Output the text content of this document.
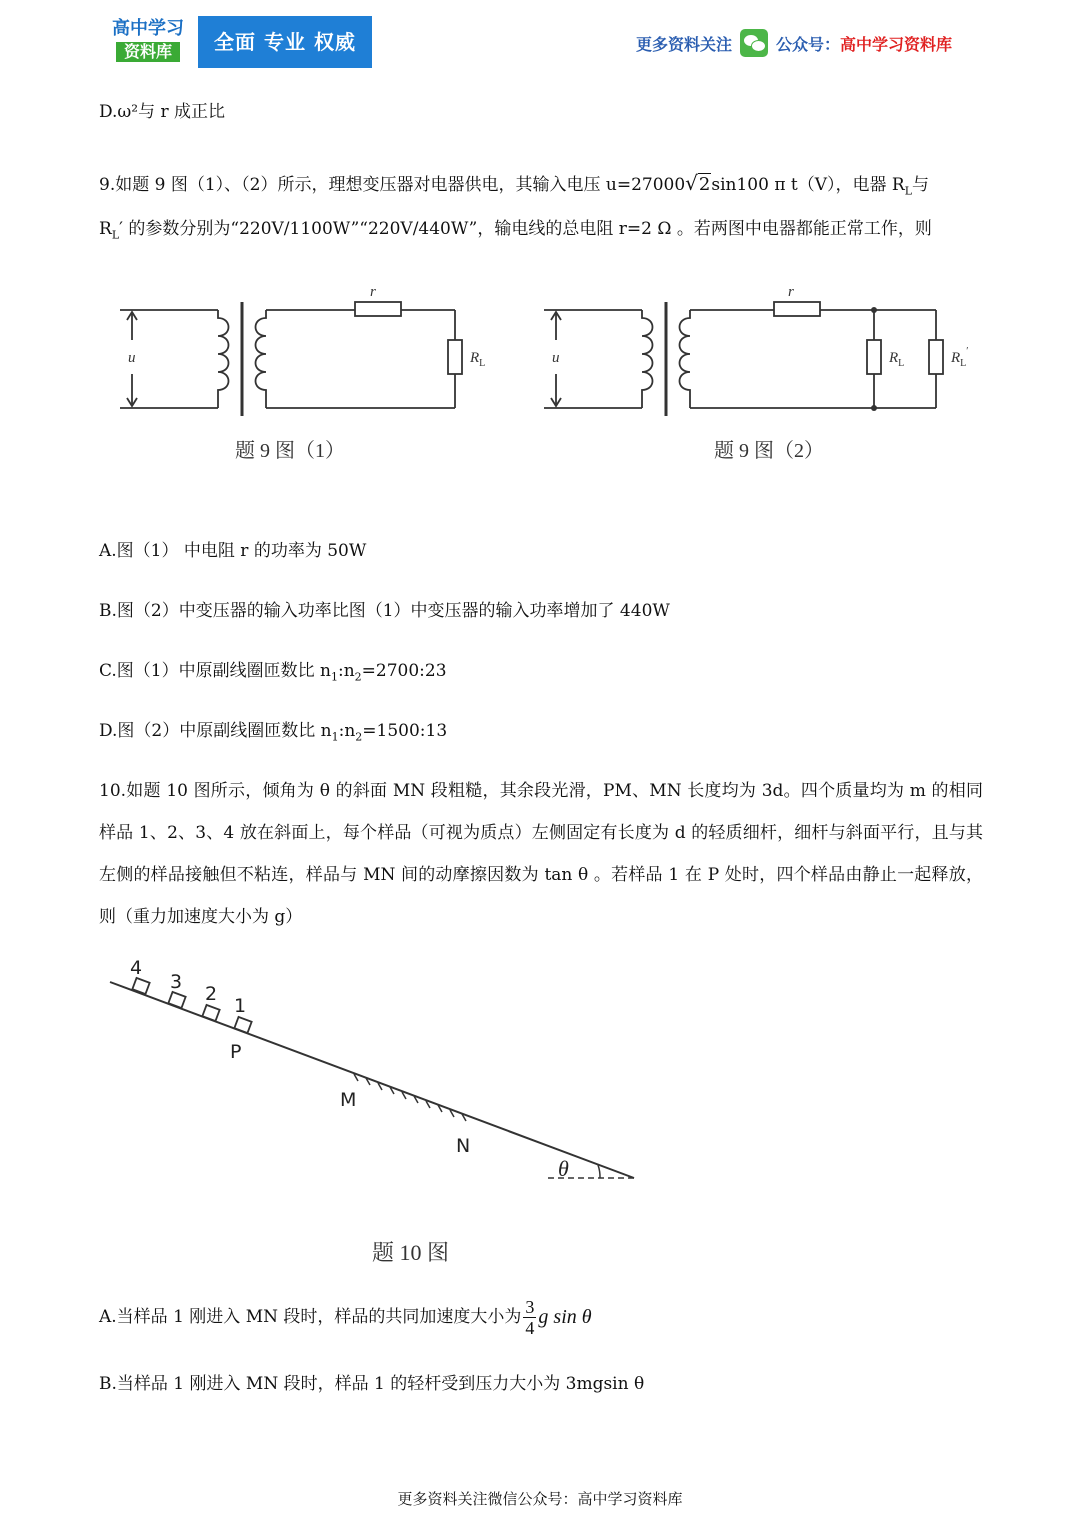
高中学习
资料库	全面 专业 权威	更多资料关注	公众号：高中学习资料库
D.ω²与 r 成正比
9.如题 9 图（1）、（2）所示，理想变压器对电器供电，其输入电压 u=27000√2sin100 π t（V），电器 $R_L$与
$R_L'$ 的参数分别为“220V/1100W”“220V/440W”，输电线的总电阻 r=2 Ω 。若两图中电器都能正常工作，则
u
r
$R_L$	u
r
$R_L$	$R_L'$
题 9 图（1）	题 9 图（2）
A.图（1） 中电阻 r 的功率为 50W
B.图（2）中变压器的输入功率比图（1）中变压器的输入功率增加了 440W
C.图（1）中原副线圈匝数比 $n_1:n_2=2700:23$
D.图（2）中原副线圈匝数比 $n_1:n_2=1500:13$
10.如题 10 图所示，倾角为 θ 的斜面 MN 段粗糙，其余段光滑，PM、MN 长度均为 3d。四个质量均为 m 的相同样品 1、2、3、4 放在斜面上，每个样品（可视为质点）左侧固定有长度为 d 的轻质细杆，细杆与斜面平行，且与其左侧的样品接触但不粘连，样品与 MN 间的动摩擦因数为 tan θ 。若样品 1 在 P 处时，四个样品由静止一起释放，则（重力加速度大小为 g）
4
3
2
1
P
M
N
θ
题 10 图
A.当样品 1 刚进入 MN 段时，样品的共同加速度大小为 $\frac{3}{4}$ g sin θ
B.当样品 1 刚进入 MN 段时，样品 1 的轻杆受到压力大小为 3mgsin θ
更多资料关注微信公众号：高中学习资料库
